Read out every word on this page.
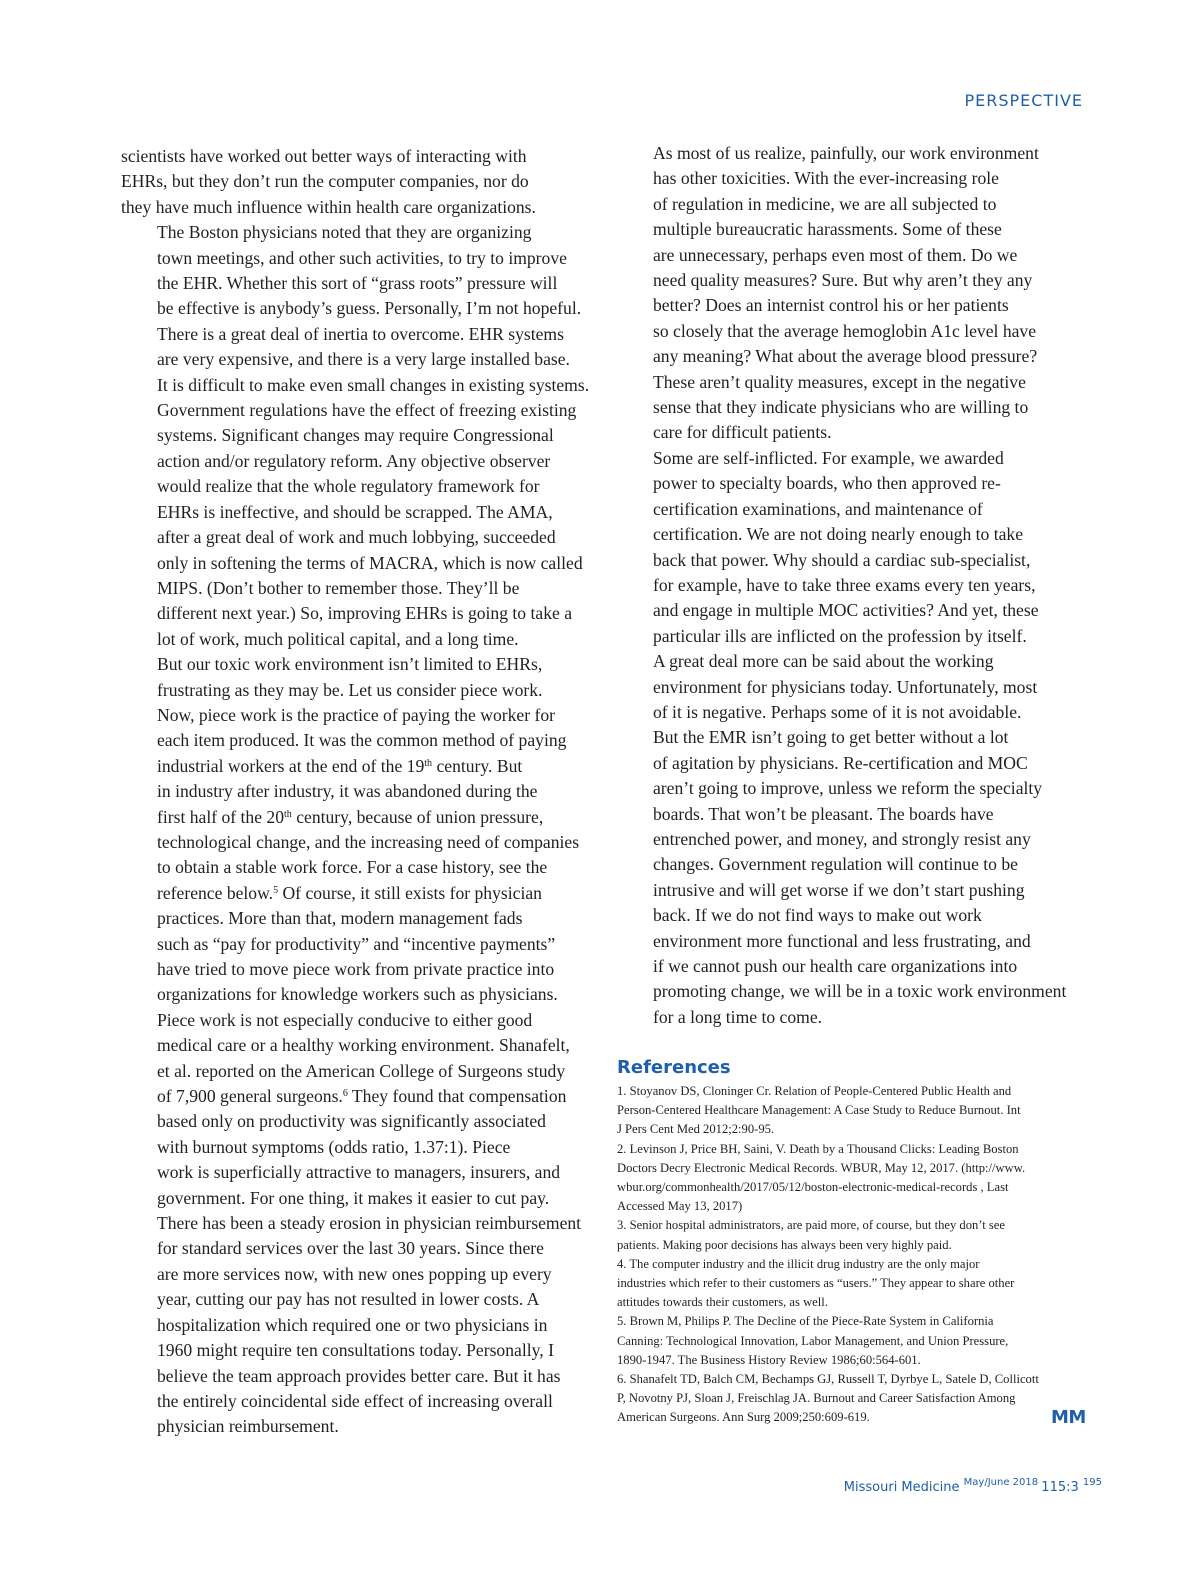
PERSPECTIVE
scientists have worked out better ways of interacting with
EHRs, but they don’t run the computer companies, nor do
they have much influence within health care organizations.
The Boston physicians noted that they are organizing
town meetings, and other such activities, to try to improve
the EHR. Whether this sort of “grass roots” pressure will
be effective is anybody’s guess. Personally, I’m not hopeful.
There is a great deal of inertia to overcome. EHR systems
are very expensive, and there is a very large installed base.
It is difficult to make even small changes in existing systems.
Government regulations have the effect of freezing existing
systems. Significant changes may require Congressional
action and/or regulatory reform. Any objective observer
would realize that the whole regulatory framework for
EHRs is ineffective, and should be scrapped. The AMA,
after a great deal of work and much lobbying, succeeded
only in softening the terms of MACRA, which is now called
MIPS. (Don’t bother to remember those. They’ll be
different next year.) So, improving EHRs is going to take a
lot of work, much political capital, and a long time.
But our toxic work environment isn’t limited to EHRs,
frustrating as they may be. Let us consider piece work.
Now, piece work is the practice of paying the worker for
each item produced. It was the common method of paying
industrial workers at the end of the 19th century. But
in industry after industry, it was abandoned during the
first half of the 20th century, because of union pressure,
technological change, and the increasing need of companies
to obtain a stable work force. For a case history, see the
reference below.$^5$ Of course, it still exists for physician
practices. More than that, modern management fads
such as “pay for productivity” and “incentive payments”
have tried to move piece work from private practice into
organizations for knowledge workers such as physicians.
Piece work is not especially conducive to either good
medical care or a healthy working environment. Shanafelt,
et al. reported on the American College of Surgeons study
of 7,900 general surgeons.$^6$ They found that compensation
based only on productivity was significantly associated
with burnout symptoms (odds ratio, 1.37:1). Piece
work is superficially attractive to managers, insurers, and
government. For one thing, it makes it easier to cut pay.
There has been a steady erosion in physician reimbursement
for standard services over the last 30 years. Since there
are more services now, with new ones popping up every
year, cutting our pay has not resulted in lower costs. A
hospitalization which required one or two physicians in
1960 might require ten consultations today. Personally, I
believe the team approach provides better care. But it has
the entirely coincidental side effect of increasing overall
physician reimbursement.
As most of us realize, painfully, our work environment
has other toxicities. With the ever-increasing role
of regulation in medicine, we are all subjected to
multiple bureaucratic harassments. Some of these
are unnecessary, perhaps even most of them. Do we
need quality measures? Sure. But why aren’t they any
better? Does an internist control his or her patients
so closely that the average hemoglobin A1c level have
any meaning? What about the average blood pressure?
These aren’t quality measures, except in the negative
sense that they indicate physicians who are willing to
care for difficult patients.
Some are self-inflicted. For example, we awarded
power to specialty boards, who then approved re-
certification examinations, and maintenance of
certification. We are not doing nearly enough to take
back that power. Why should a cardiac sub-specialist,
for example, have to take three exams every ten years,
and engage in multiple MOC activities? And yet, these
particular ills are inflicted on the profession by itself.
A great deal more can be said about the working
environment for physicians today. Unfortunately, most
of it is negative. Perhaps some of it is not avoidable.
But the EMR isn’t going to get better without a lot
of agitation by physicians. Re-certification and MOC
aren’t going to improve, unless we reform the specialty
boards. That won’t be pleasant. The boards have
entrenched power, and money, and strongly resist any
changes. Government regulation will continue to be
intrusive and will get worse if we don’t start pushing
back. If we do not find ways to make out work
environment more functional and less frustrating, and
if we cannot push our health care organizations into
promoting change, we will be in a toxic work environment
for a long time to come.
References
1. Stoyanov DS, Cloninger Cr. Relation of People-Centered Public Health and
Person-Centered Healthcare Management: A Case Study to Reduce Burnout. Int
J Pers Cent Med 2012;2:90-95.
2. Levinson J, Price BH, Saini, V. Death by a Thousand Clicks: Leading Boston
Doctors Decry Electronic Medical Records. WBUR, May 12, 2017. (http://www.
wbur.org/commonhealth/2017/05/12/boston-electronic-medical-records , Last
Accessed May 13, 2017)
3. Senior hospital administrators, are paid more, of course, but they don’t see
patients. Making poor decisions has always been very highly paid.
4. The computer industry and the illicit drug industry are the only major
industries which refer to their customers as “users.” They appear to share other
attitudes towards their customers, as well.
5. Brown M, Philips P. The Decline of the Piece-Rate System in California
Canning: Technological Innovation, Labor Management, and Union Pressure,
1890-1947. The Business History Review 1986;60:564-601.
6. Shanafelt TD, Balch CM, Bechamps GJ, Russell T, Dyrbye L, Satele D, Collicott
P, Novotny PJ, Sloan J, Freischlag JA. Burnout and Career Satisfaction Among
American Surgeons. Ann Surg 2009;250:609-619.	MM
Missouri Medicine $^{May/June 2018}$ 115:3 $^{195}$
